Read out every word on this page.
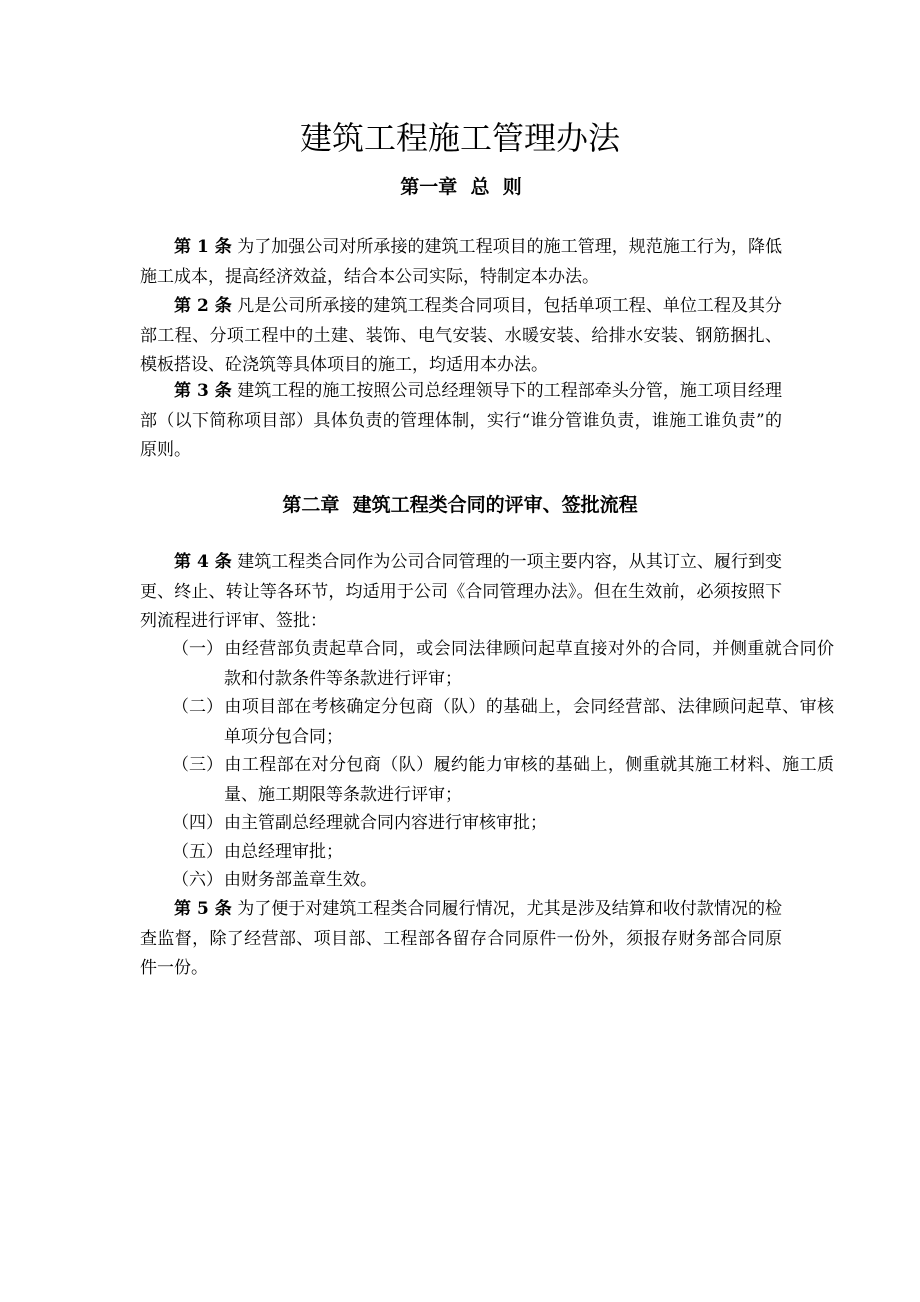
建筑工程施工管理办法
第一章  总  则

第 1 条 为了加强公司对所承接的建筑工程项目的施工管理，规范施工行为，降低施工成本，提高经济效益，结合本公司实际，特制定本办法。

第 2 条 凡是公司所承接的建筑工程类合同项目，包括单项工程、单位工程及其分部工程、分项工程中的土建、装饰、电气安装、水暖安装、给排水安装、钢筋捆扎、模板搭设、砼浇筑等具体项目的施工，均适用本办法。

第 3 条 建筑工程的施工按照公司总经理领导下的工程部牵头分管，施工项目经理部（以下简称项目部）具体负责的管理体制，实行“谁分管谁负责，谁施工谁负责”的原则。

第二章  建筑工程类合同的评审、签批流程

第 4 条 建筑工程类合同作为公司合同管理的一项主要内容，从其订立、履行到变更、终止、转让等各环节，均适用于公司《合同管理办法》。但在生效前，必须按照下列流程进行评审、签批：

（一）由经营部负责起草合同，或会同法律顾问起草直接对外的合同，并侧重就合同价款和付款条件等条款进行评审；

（二）由项目部在考核确定分包商（队）的基础上，会同经营部、法律顾问起草、审核单项分包合同；

（三）由工程部在对分包商（队）履约能力审核的基础上，侧重就其施工材料、施工质量、施工期限等条款进行评审；

（四）由主管副总经理就合同内容进行审核审批；

（五）由总经理审批；

（六）由财务部盖章生效。

第 5 条 为了便于对建筑工程类合同履行情况，尤其是涉及结算和收付款情况的检查监督，除了经营部、项目部、工程部各留存合同原件一份外，须报存财务部合同原件一份。
